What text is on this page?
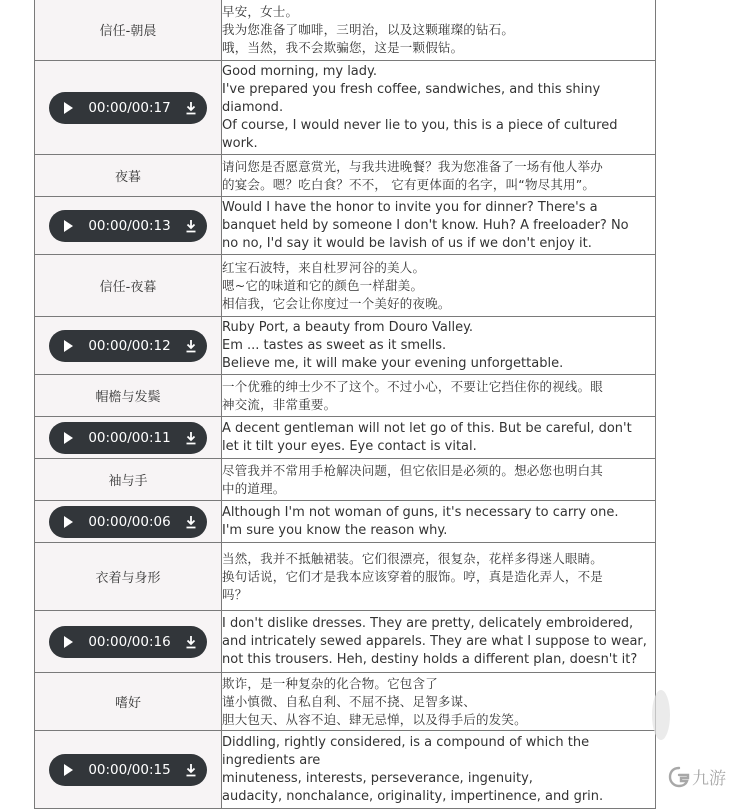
信任-朝晨	早安，女士。
我为您准备了咖啡，三明治，以及这颗璀璨的钻石。
哦，当然，我不会欺骗您，这是一颗假钻。

00:00/00:17	Good morning, my lady.
I've prepared you fresh coffee, sandwiches, and this shiny
diamond.
Of course, I would never lie to you, this is a piece of cultured
work.

夜暮	请问您是否愿意赏光，与我共进晚餐？我为您准备了一场有他人举办
的宴会。嗯？吃白食？不不， 它有更体面的名字，叫“物尽其用”。

00:00/00:13	Would I have the honor to invite you for dinner? There's a
banquet held by someone I don't know. Huh? A freeloader? No
no no, I'd say it would be lavish of us if we don't enjoy it.

信任-夜暮	红宝石波特，来自杜罗河谷的美人。
嗯~它的味道和它的颜色一样甜美。
相信我，它会让你度过一个美好的夜晚。

00:00/00:12	Ruby Port, a beauty from Douro Valley.
Em ... tastes as sweet as it smells.
Believe me, it will make your evening unforgettable.

帽檐与发鬓	一个优雅的绅士少不了这个。不过小心，不要让它挡住你的视线。眼
神交流，非常重要。

00:00/00:11	A decent gentleman will not let go of this. But be careful, don't
let it tilt your eyes. Eye contact is vital.

袖与手	尽管我并不常用手枪解决问题，但它依旧是必须的。想必您也明白其
中的道理。

00:00/00:06	Although I'm not woman of guns, it's necessary to carry one.
I'm sure you know the reason why.

衣着与身形	当然，我并不抵触裙装。它们很漂亮，很复杂，花样多得迷人眼睛。
换句话说，它们才是我本应该穿着的服饰。哼，真是造化弄人，不是
吗？

00:00/00:16	I don't dislike dresses. They are pretty, delicately embroidered,
and intricately sewed apparels. They are what I suppose to wear,
not this trousers. Heh, destiny holds a different plan, doesn't it?

嗜好	欺诈，是一种复杂的化合物。它包含了
谨小慎微、自私自利、不屈不挠、足智多谋、
胆大包天、从容不迫、肆无忌惮，以及得手后的发笑。

00:00/00:15	Diddling, rightly considered, is a compound of which the
ingredients are
minuteness, interests, perseverance, ingenuity,
audacity, nonchalance, originality, impertinence, and grin.
九游
